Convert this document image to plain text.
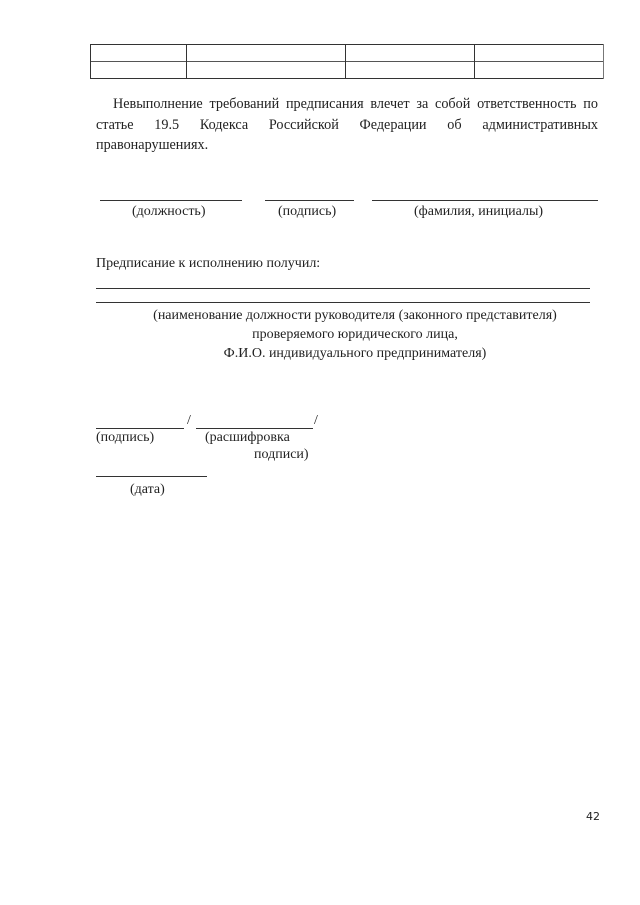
Невыполнение требований предписания влечет за собой ответственность по статье 19.5 Кодекса Российской Федерации об административных правонарушениях.
(должность)	(подпись)	(фамилия, инициалы)
Предписание к исполнению получил:
(наименование должности руководителя (законного представителя)
проверяемого юридического лица,
Ф.И.О. индивидуального предпринимателя)
/	/
(подпись)	(расшифровка
подписи)
(дата)
42
